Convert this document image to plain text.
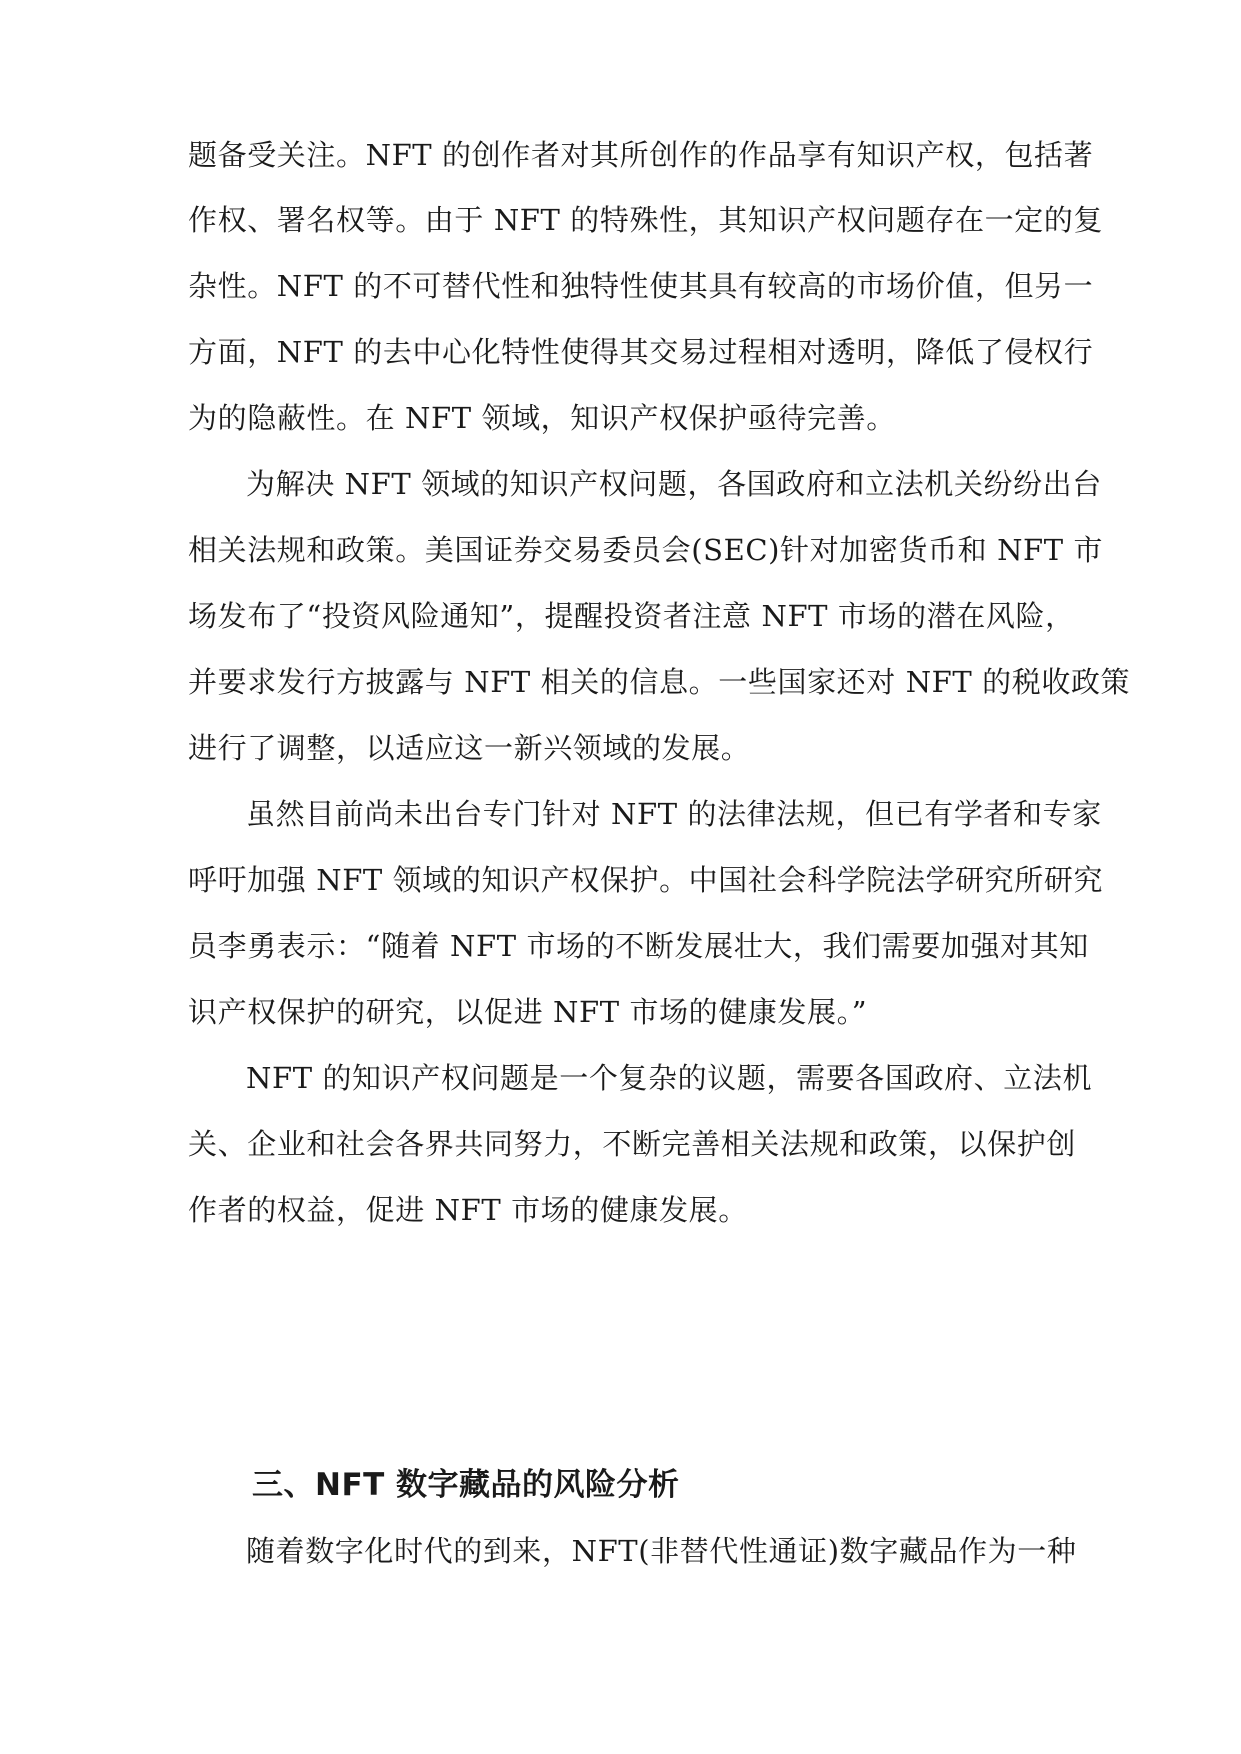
题备受关注。NFT 的创作者对其所创作的作品享有知识产权，包括著
作权、署名权等。由于 NFT 的特殊性，其知识产权问题存在一定的复
杂性。NFT 的不可替代性和独特性使其具有较高的市场价值，但另一
方面，NFT 的去中心化特性使得其交易过程相对透明，降低了侵权行
为的隐蔽性。在 NFT 领域，知识产权保护亟待完善。
为解决 NFT 领域的知识产权问题，各国政府和立法机关纷纷出台
相关法规和政策。美国证券交易委员会(SEC)针对加密货币和 NFT 市
场发布了“投资风险通知”，提醒投资者注意 NFT 市场的潜在风险，
并要求发行方披露与 NFT 相关的信息。一些国家还对 NFT 的税收政策
进行了调整，以适应这一新兴领域的发展。
虽然目前尚未出台专门针对 NFT 的法律法规，但已有学者和专家
呼吁加强 NFT 领域的知识产权保护。中国社会科学院法学研究所研究
员李勇表示：“随着 NFT 市场的不断发展壮大，我们需要加强对其知
识产权保护的研究，以促进 NFT 市场的健康发展。”
NFT 的知识产权问题是一个复杂的议题，需要各国政府、立法机
关、企业和社会各界共同努力，不断完善相关法规和政策，以保护创
作者的权益，促进 NFT 市场的健康发展。
三、NFT 数字藏品的风险分析
随着数字化时代的到来，NFT(非替代性通证)数字藏品作为一种
